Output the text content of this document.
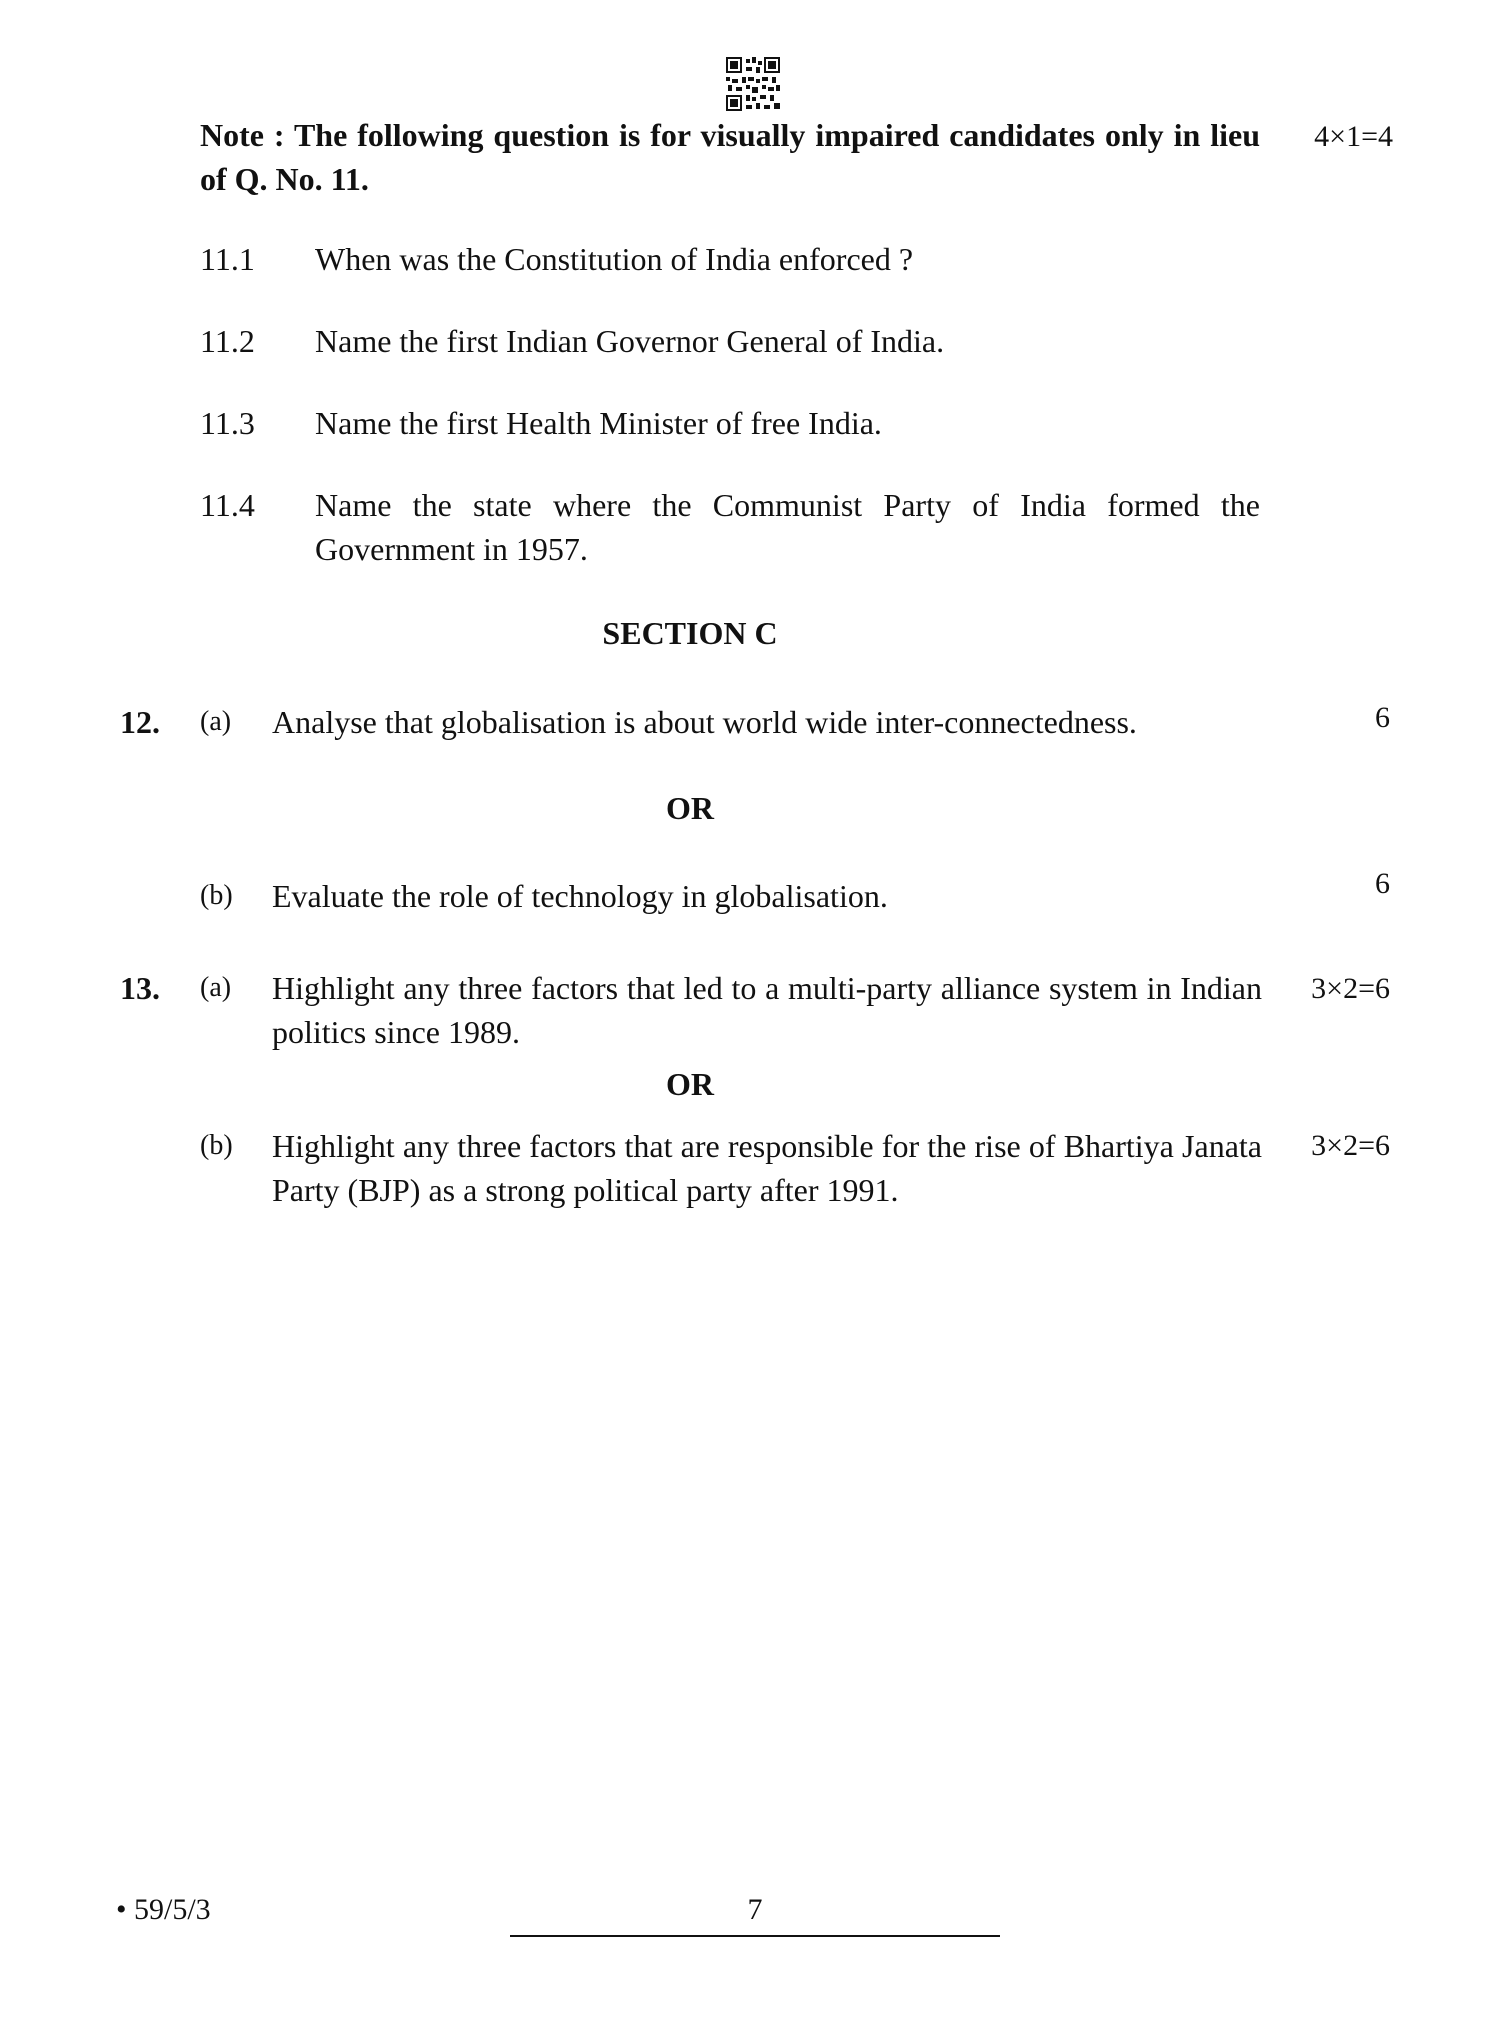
Note : The following question is for visually impaired candidates only in lieu of Q. No. 11.
4×1=4
11.1	When was the Constitution of India enforced ?
11.2	Name the first Indian Governor General of India.
11.3	Name the first Health Minister of free India.
11.4	Name the state where the Communist Party of India formed the Government in 1957.
SECTION C
12.	(a)	Analyse that globalisation is about world wide inter-connectedness.	6
OR
(b)	Evaluate the role of technology in globalisation.	6
13.	(a)	Highlight any three factors that led to a multi-party alliance system in Indian politics since 1989.
3×2=6
OR
(b)	Highlight any three factors that are responsible for the rise of Bhartiya Janata Party (BJP) as a strong political party after 1991.
3×2=6
• 59/5/3	7
